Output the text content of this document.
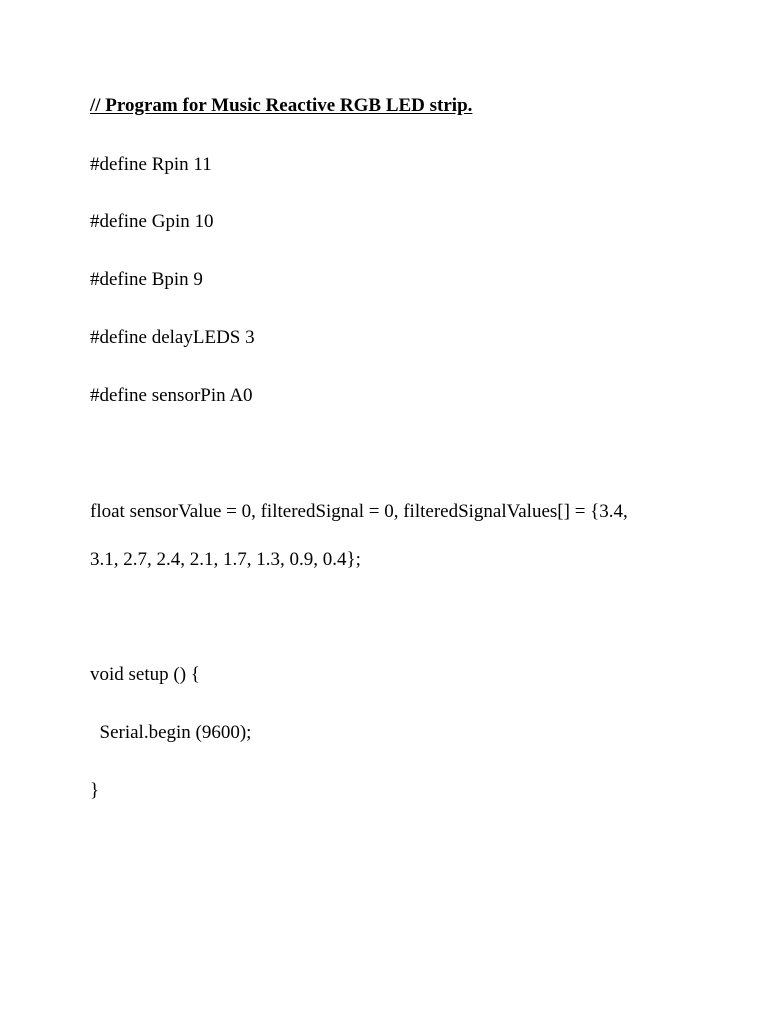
// Program for Music Reactive RGB LED strip.

#define Rpin 11

#define Gpin 10

#define Bpin 9

#define delayLEDS 3

#define sensorPin A0

float sensorValue = 0, filteredSignal = 0, filteredSignalValues[] = {3.4,

3.1, 2.7, 2.4, 2.1, 1.7, 1.3, 0.9, 0.4};

void setup () {

Serial.begin (9600);

}
